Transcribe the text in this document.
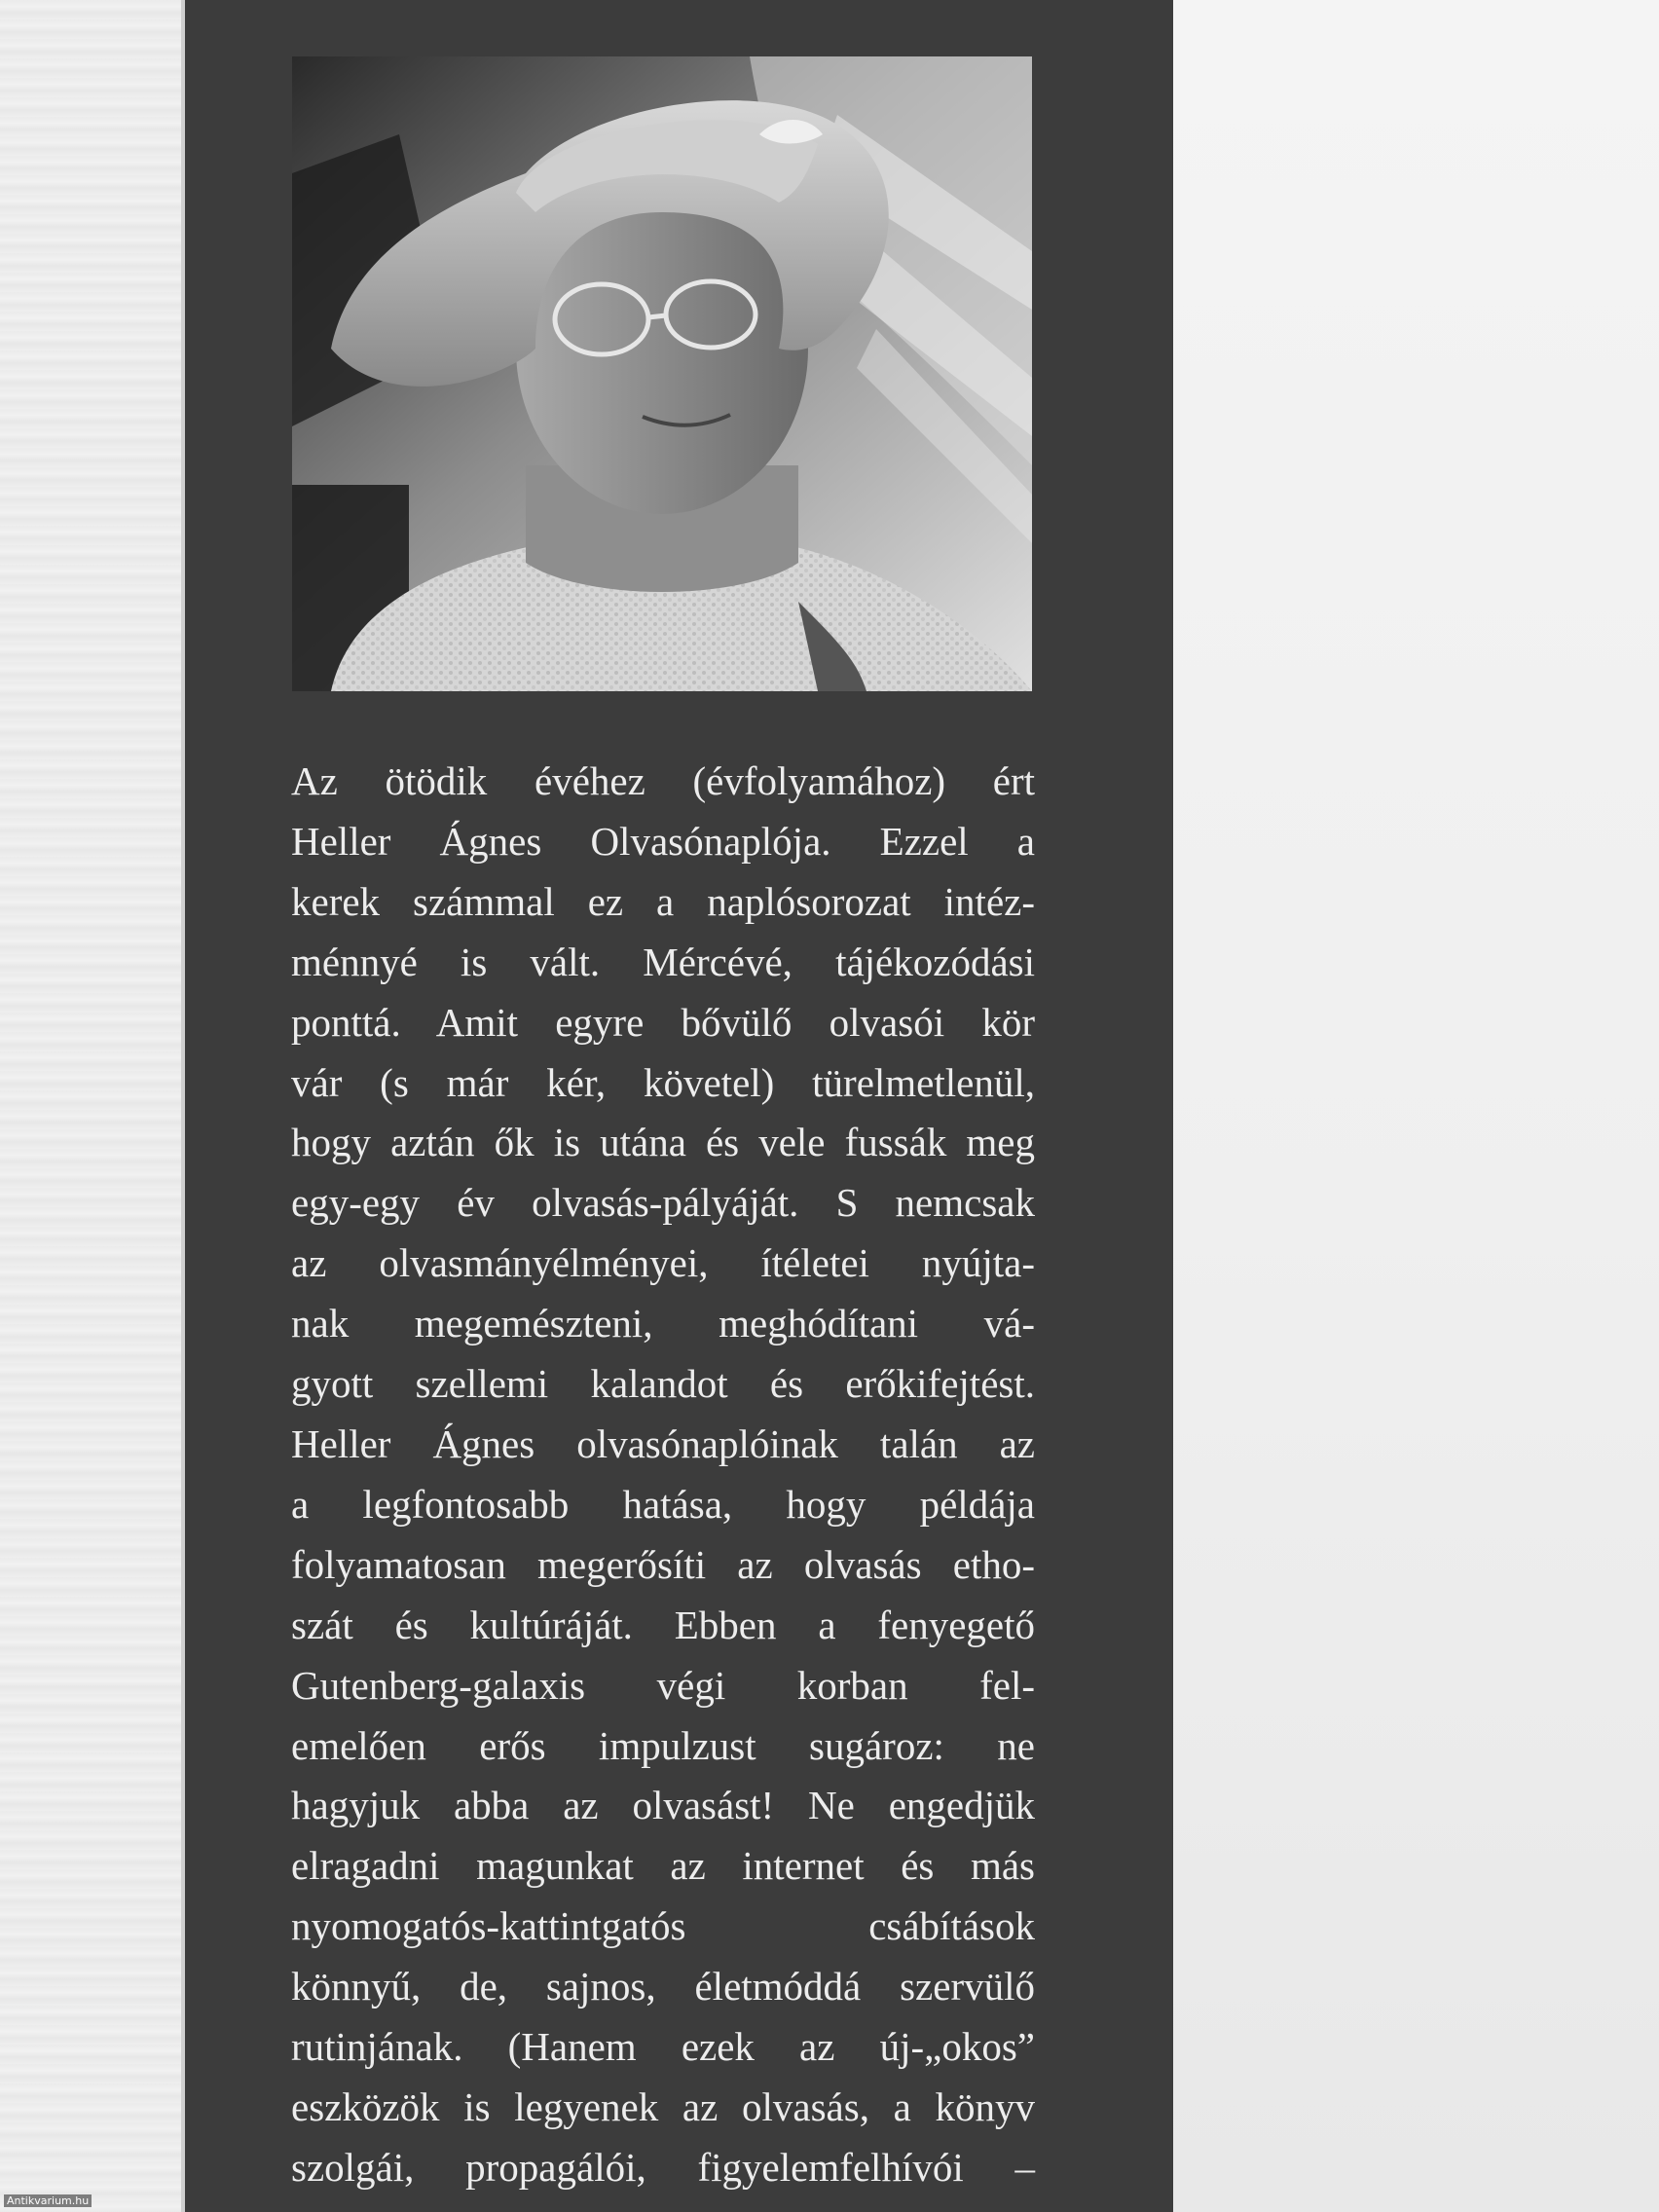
Az ötödik évéhez (évfolyamához) ért
Heller Ágnes Olvasónaplója. Ezzel a
kerek számmal ez a naplósorozat intéz-
ménnyé is vált. Mércévé, tájékozódási
ponttá. Amit egyre bővülő olvasói kör
vár (s már kér, követel) türelmetlenül,
hogy aztán ők is utána és vele fussák meg
egy-egy év olvasás-pályáját. S nemcsak
az olvasmányélményei, ítéletei nyújta-
nak megemészteni, meghódítani vá-
gyott szellemi kalandot és erőkifejtést.
Heller Ágnes olvasónaplóinak talán az
a legfontosabb hatása, hogy példája
folyamatosan megerősíti az olvasás etho-
szát és kultúráját. Ebben a fenyegető
Gutenberg-galaxis végi korban fel-
emelően erős impulzust sugároz: ne
hagyjuk abba az olvasást! Ne engedjük
elragadni magunkat az internet és más
nyomogatós-kattintgatós csábítások
könnyű, de, sajnos, életmóddá szervülő
rutinjának. (Hanem ezek az új-„okos”
eszközök is legyenek az olvasás, a könyv
szolgái, propagálói, figyelemfelhívói –
Antikvarium.hu
